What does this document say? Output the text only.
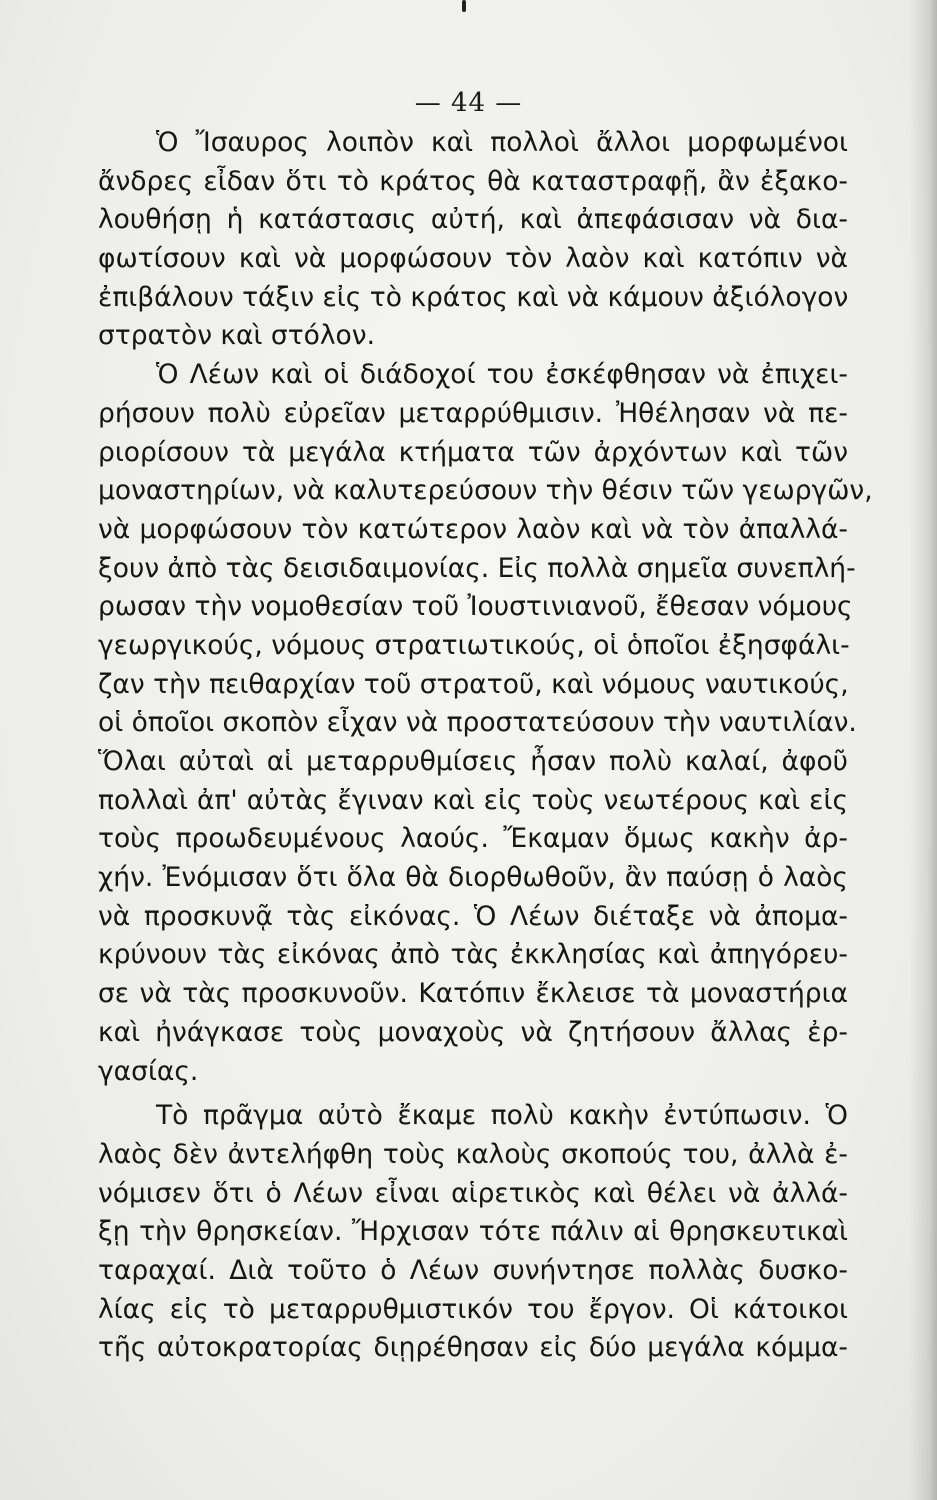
— 44 —
Ὁ Ἴσαυρος λοιπὸν καὶ πολλοὶ ἄλλοι μορφωμένοι
ἄνδρες εἶδαν ὅτι τὸ κράτος θὰ καταστραφῇ, ἂν ἐξακο-
λουθήσῃ ἡ κατάστασις αὐτή, καὶ ἀπεφάσισαν νὰ δια-
φωτίσουν καὶ νὰ μορφώσουν τὸν λαὸν καὶ κατόπιν νὰ
ἐπιβάλουν τάξιν εἰς τὸ κράτος καὶ νὰ κάμουν ἀξιόλογον
στρατὸν καὶ στόλον.
Ὁ Λέων καὶ οἱ διάδοχοί του ἐσκέφθησαν νὰ ἐπιχει-
ρήσουν πολὺ εὐρεῖαν μεταρρύθμισιν. Ἠθέλησαν νὰ πε-
ριορίσουν τὰ μεγάλα κτήματα τῶν ἀρχόντων καὶ τῶν
μοναστηρίων, νὰ καλυτερεύσουν τὴν θέσιν τῶν γεωργῶν,
νὰ μορφώσουν τὸν κατώτερον λαὸν καὶ νὰ τὸν ἀπαλλά-
ξουν ἀπὸ τὰς δεισιδαιμονίας. Εἰς πολλὰ σημεῖα συνεπλή-
ρωσαν τὴν νομοθεσίαν τοῦ Ἰουστινιανοῦ, ἔθεσαν νόμους
γεωργικούς, νόμους στρατιωτικούς, οἱ ὁποῖοι ἐξησφάλι-
ζαν τὴν πειθαρχίαν τοῦ στρατοῦ, καὶ νόμους ναυτικούς,
οἱ ὁποῖοι σκοπὸν εἶχαν νὰ προστατεύσουν τὴν ναυτιλίαν.
Ὅλαι αὐταὶ αἱ μεταρρυθμίσεις ἦσαν πολὺ καλαί, ἀφοῦ
πολλαὶ ἀπ' αὐτὰς ἔγιναν καὶ εἰς τοὺς νεωτέρους καὶ εἰς
τοὺς προωδευμένους λαούς. Ἔκαμαν ὅμως κακὴν ἀρ-
χήν. Ἐνόμισαν ὅτι ὅλα θὰ διορθωθοῦν, ἂν παύσῃ ὁ λαὸς
νὰ προσκυνᾷ τὰς εἰκόνας. Ὁ Λέων διέταξε νὰ ἀπομα-
κρύνουν τὰς εἰκόνας ἀπὸ τὰς ἐκκλησίας καὶ ἀπηγόρευ-
σε νὰ τὰς προσκυνοῦν. Κατόπιν ἔκλεισε τὰ μοναστήρια
καὶ ἠνάγκασε τοὺς μοναχοὺς νὰ ζητήσουν ἄλλας ἐρ-
γασίας.
Τὸ πρᾶγμα αὐτὸ ἔκαμε πολὺ κακὴν ἐντύπωσιν. Ὁ
λαὸς δὲν ἀντελήφθη τοὺς καλοὺς σκοπούς του, ἀλλὰ ἐ-
νόμισεν ὅτι ὁ Λέων εἶναι αἱρετικὸς καὶ θέλει νὰ ἀλλά-
ξῃ τὴν θρησκείαν. Ἤρχισαν τότε πάλιν αἱ θρησκευτικαὶ
ταραχαί. Διὰ τοῦτο ὁ Λέων συνήντησε πολλὰς δυσκο-
λίας εἰς τὸ μεταρρυθμιστικόν του ἔργον. Οἱ κάτοικοι
τῆς αὐτοκρατορίας διῃρέθησαν εἰς δύο μεγάλα κόμμα-
